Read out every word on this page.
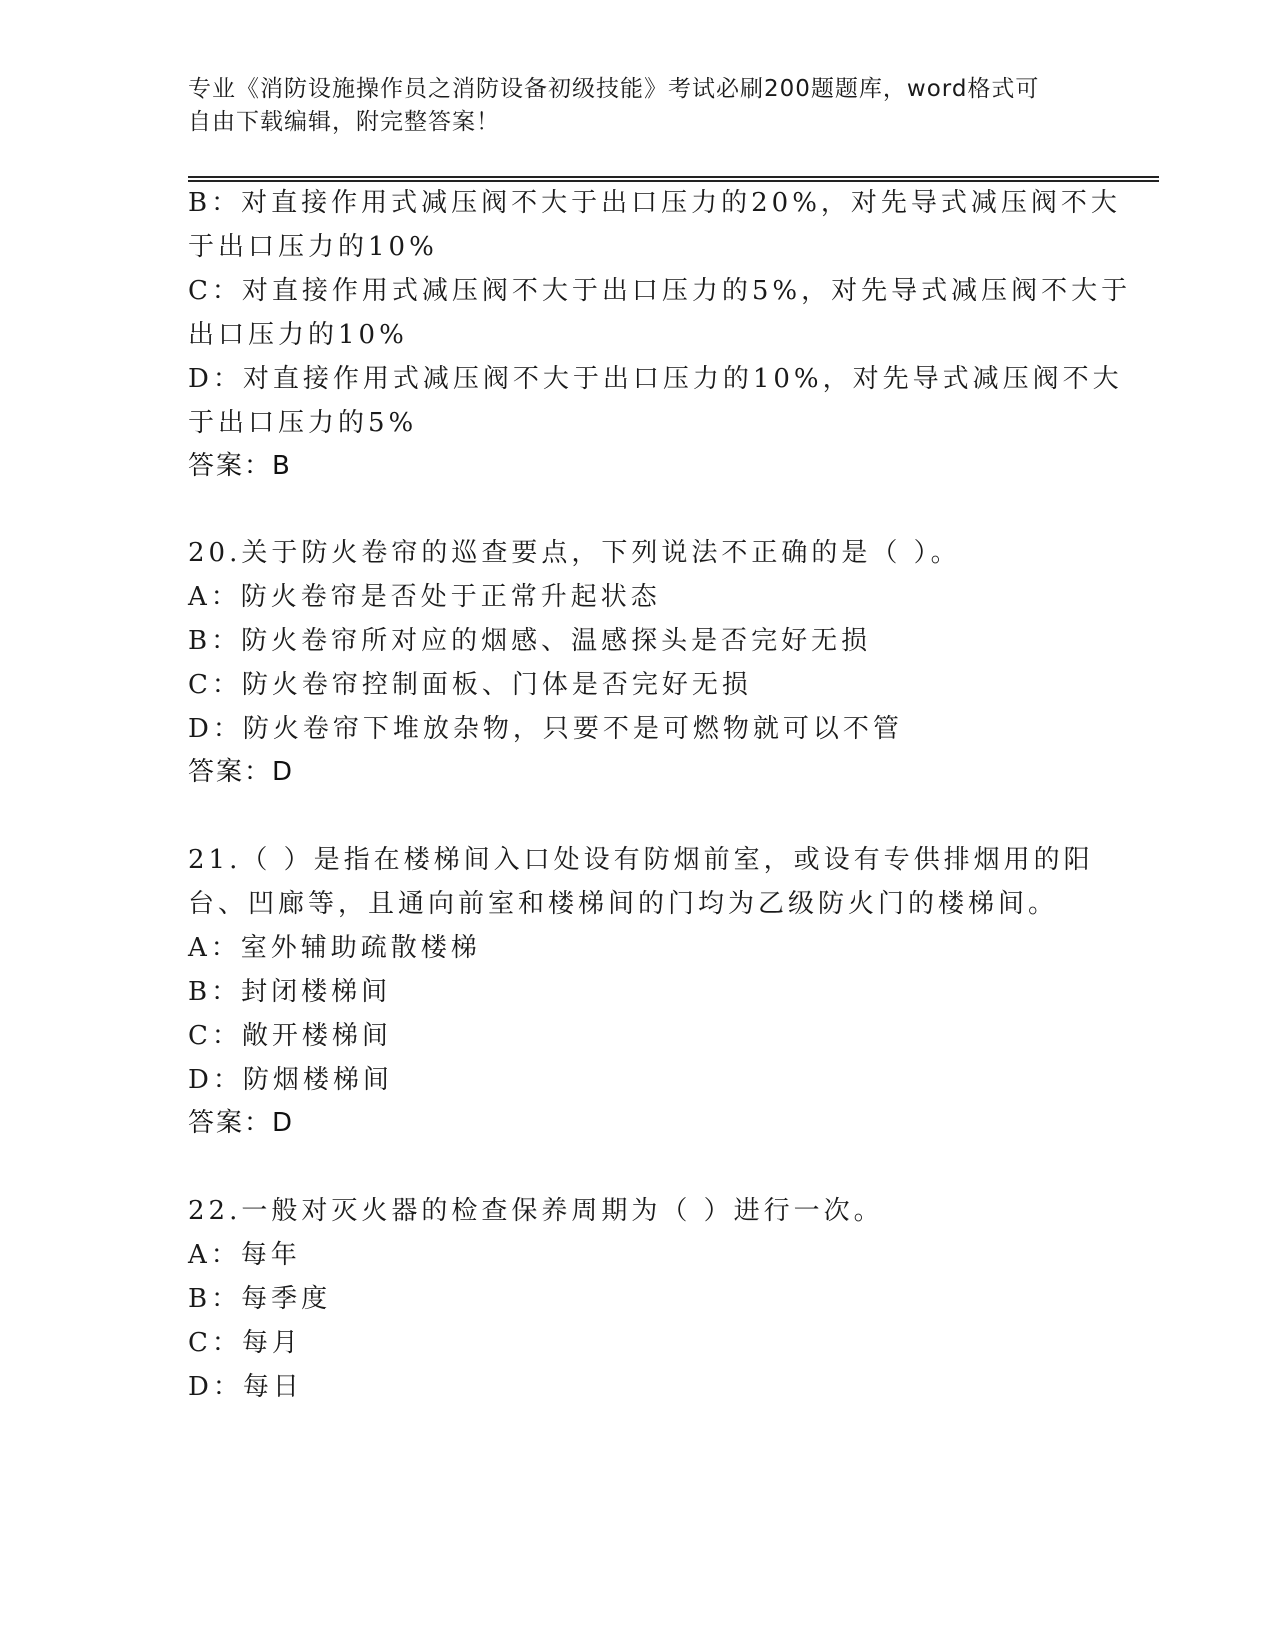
专业《消防设施操作员之消防设备初级技能》考试必刷200题题库，word格式可
自由下载编辑，附完整答案！
B：对直接作用式减压阀不大于出口压力的20%，对先导式减压阀不大
于出口压力的10%
C：对直接作用式减压阀不大于出口压力的5%，对先导式减压阀不大于
出口压力的10%
D：对直接作用式减压阀不大于出口压力的10%，对先导式减压阀不大
于出口压力的5%
答案：B
20.关于防火卷帘的巡查要点，下列说法不正确的是（ ）。
A：防火卷帘是否处于正常升起状态
B：防火卷帘所对应的烟感、温感探头是否完好无损
C：防火卷帘控制面板、门体是否完好无损
D：防火卷帘下堆放杂物，只要不是可燃物就可以不管
答案：D
21.（ ）是指在楼梯间入口处设有防烟前室，或设有专供排烟用的阳
台、凹廊等，且通向前室和楼梯间的门均为乙级防火门的楼梯间。
A：室外辅助疏散楼梯
B：封闭楼梯间
C：敞开楼梯间
D：防烟楼梯间
答案：D
22.一般对灭火器的检查保养周期为（ ）进行一次。
A：每年
B：每季度
C：每月
D：每日
